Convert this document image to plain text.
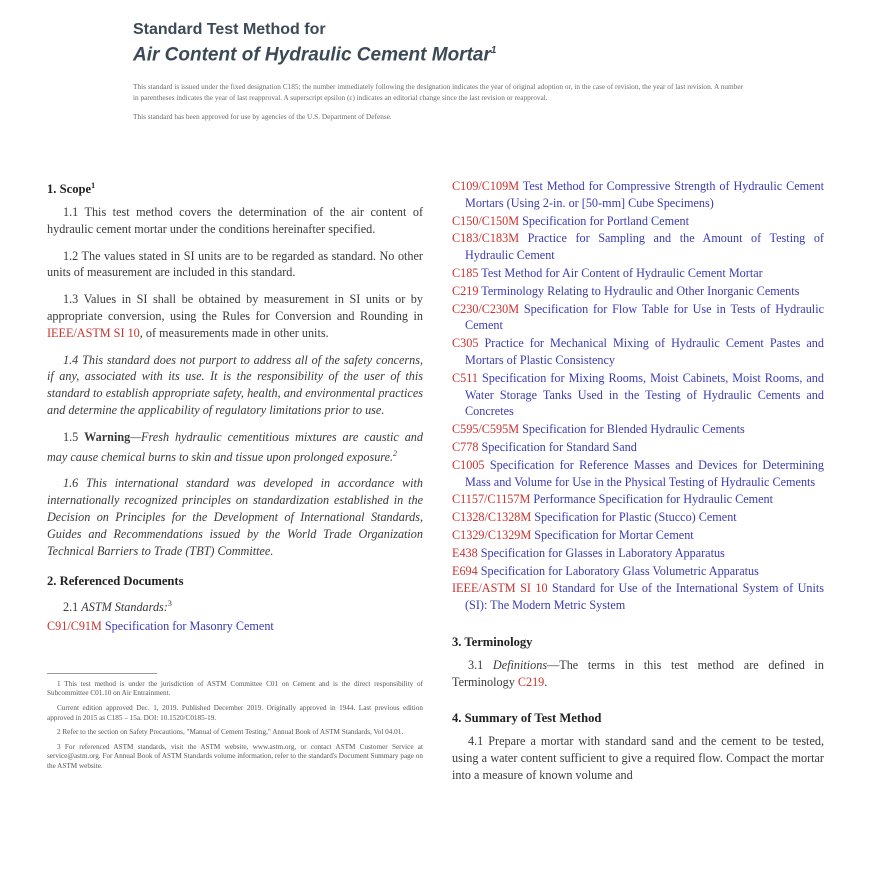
Standard Test Method for
Air Content of Hydraulic Cement Mortar$^1$
This standard is issued under the fixed designation C185; the number immediately following the designation indicates the year of original adoption or, in the case of revision, the year of last revision. A number in parentheses indicates the year of last reapproval. A superscript epsilon (ε) indicates an editorial change since the last revision or reapproval.
This standard has been approved for use by agencies of the U.S. Department of Defense.
1. Scope$^1$

1.1 This test method covers the determination of the air content of hydraulic cement mortar under the conditions hereinafter specified.

1.2 The values stated in SI units are to be regarded as standard. No other units of measurement are included in this standard.

1.3 Values in SI shall be obtained by measurement in SI units or by appropriate conversion, using the Rules for Conversion and Rounding in IEEE/ASTM SI 10, of measurements made in other units.

1.4 This standard does not purport to address all of the safety concerns, if any, associated with its use. It is the responsibility of the user of this standard to establish appropriate safety, health, and environmental practices and determine the applicability of regulatory limitations prior to use.

1.5 Warning—Fresh hydraulic cementitious mixtures are caustic and may cause chemical burns to skin and tissue upon prolonged exposure.$^2$

1.6 This international standard was developed in accordance with internationally recognized principles on standardization established in the Decision on Principles for the Development of International Standards, Guides and Recommendations issued by the World Trade Organization Technical Barriers to Trade (TBT) Committee.

2. Referenced Documents

2.1 ASTM Standards:$^3$

C91/C91M Specification for Masonry Cement
1 This test method is under the jurisdiction of ASTM Committee C01 on Cement and is the direct responsibility of Subcommittee C01.10 on Air Entrainment.
Current edition approved Dec. 1, 2019. Published December 2019. Originally approved in 1944. Last previous edition approved in 2015 as C185 – 15a. DOI: 10.1520/C0185-19.
2 Refer to the section on Safety Precautions, "Manual of Cement Testing," Annual Book of ASTM Standards, Vol 04.01.
3 For referenced ASTM standards, visit the ASTM website, www.astm.org, or contact ASTM Customer Service at service@astm.org. For Annual Book of ASTM Standards volume information, refer to the standard's Document Summary page on the ASTM website.
C109/C109M Test Method for Compressive Strength of Hydraulic Cement Mortars (Using 2-in. or [50-mm] Cube Specimens)
C150/C150M Specification for Portland Cement
C183/C183M Practice for Sampling and the Amount of Testing of Hydraulic Cement
C185 Test Method for Air Content of Hydraulic Cement Mortar
C219 Terminology Relating to Hydraulic and Other Inorganic Cements
C230/C230M Specification for Flow Table for Use in Tests of Hydraulic Cement
C305 Practice for Mechanical Mixing of Hydraulic Cement Pastes and Mortars of Plastic Consistency
C511 Specification for Mixing Rooms, Moist Cabinets, Moist Rooms, and Water Storage Tanks Used in the Testing of Hydraulic Cements and Concretes
C595/C595M Specification for Blended Hydraulic Cements
C778 Specification for Standard Sand
C1005 Specification for Reference Masses and Devices for Determining Mass and Volume for Use in the Physical Testing of Hydraulic Cements
C1157/C1157M Performance Specification for Hydraulic Cement
C1328/C1328M Specification for Plastic (Stucco) Cement
C1329/C1329M Specification for Mortar Cement
E438 Specification for Glasses in Laboratory Apparatus
E694 Specification for Laboratory Glass Volumetric Apparatus
IEEE/ASTM SI 10 Standard for Use of the International System of Units (SI): The Modern Metric System
3. Terminology

3.1 Definitions—The terms in this test method are defined in Terminology C219.

4. Summary of Test Method

4.1 Prepare a mortar with standard sand and the cement to be tested, using a water content sufficient to give a required flow. Compact the mortar into a measure of known volume and
